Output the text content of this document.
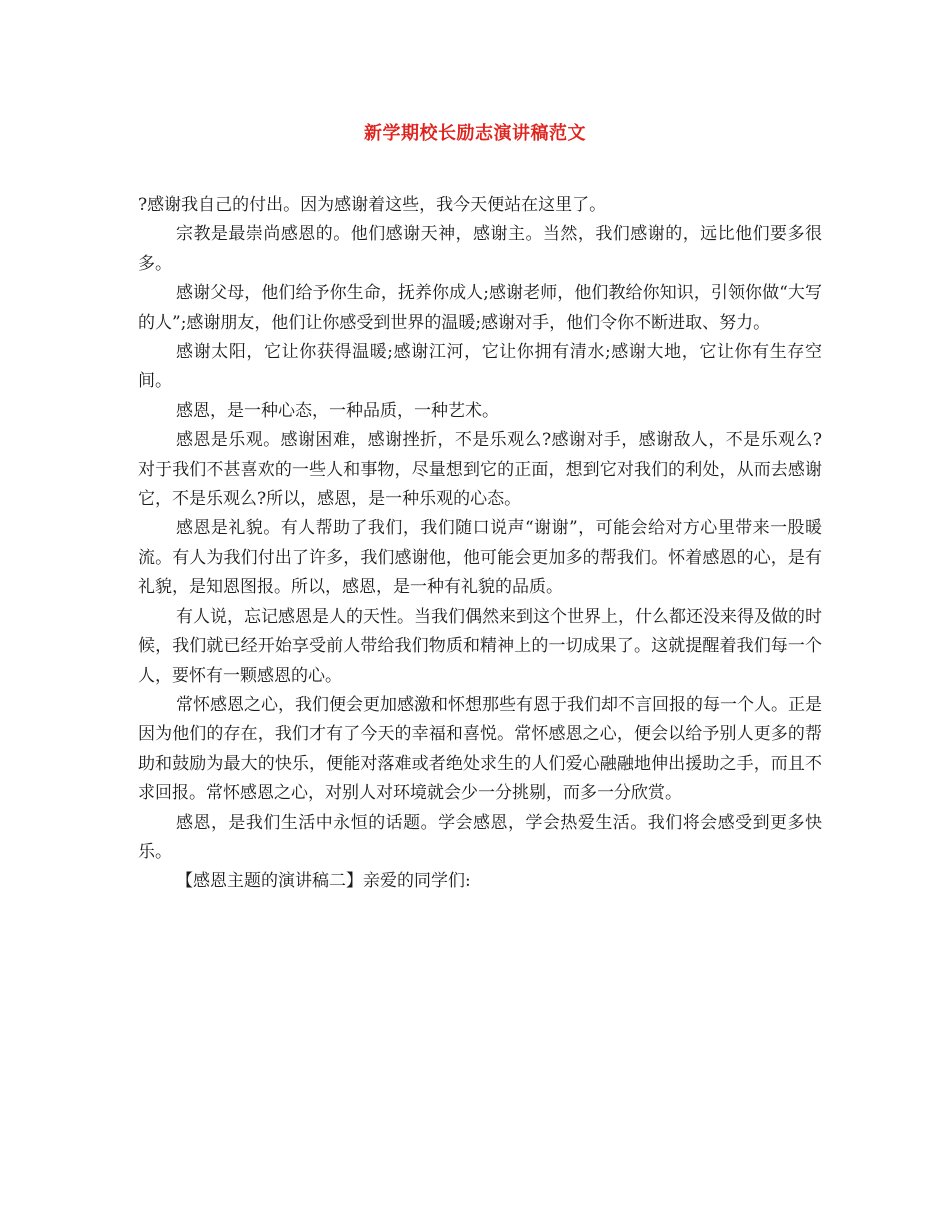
新学期校长励志演讲稿范文

?感谢我自己的付出。因为感谢着这些，我今天便站在这里了。

宗教是最崇尚感恩的。他们感谢天神，感谢主。当然，我们感谢的，远比他们要多很多。

感谢父母，他们给予你生命，抚养你成人;感谢老师，他们教给你知识，引领你做“大写的人”;感谢朋友，他们让你感受到世界的温暖;感谢对手，他们令你不断进取、努力。

感谢太阳，它让你获得温暖;感谢江河，它让你拥有清水;感谢大地，它让你有生存空间。

感恩，是一种心态，一种品质，一种艺术。

感恩是乐观。感谢困难，感谢挫折，不是乐观么?感谢对手，感谢敌人，不是乐观么?对于我们不甚喜欢的一些人和事物，尽量想到它的正面，想到它对我们的利处，从而去感谢它，不是乐观么?所以，感恩，是一种乐观的心态。

感恩是礼貌。有人帮助了我们，我们随口说声“谢谢”，可能会给对方心里带来一股暖流。有人为我们付出了许多，我们感谢他，他可能会更加多的帮我们。怀着感恩的心，是有礼貌，是知恩图报。所以，感恩，是一种有礼貌的品质。

有人说，忘记感恩是人的天性。当我们偶然来到这个世界上，什么都还没来得及做的时候，我们就已经开始享受前人带给我们物质和精神上的一切成果了。这就提醒着我们每一个人，要怀有一颗感恩的心。

常怀感恩之心，我们便会更加感激和怀想那些有恩于我们却不言回报的每一个人。正是因为他们的存在，我们才有了今天的幸福和喜悦。常怀感恩之心，便会以给予别人更多的帮助和鼓励为最大的快乐，便能对落难或者绝处求生的人们爱心融融地伸出援助之手，而且不求回报。常怀感恩之心，对别人对环境就会少一分挑剔，而多一分欣赏。

感恩，是我们生活中永恒的话题。学会感恩，学会热爱生活。我们将会感受到更多快乐。

【感恩主题的演讲稿二】亲爱的同学们:
